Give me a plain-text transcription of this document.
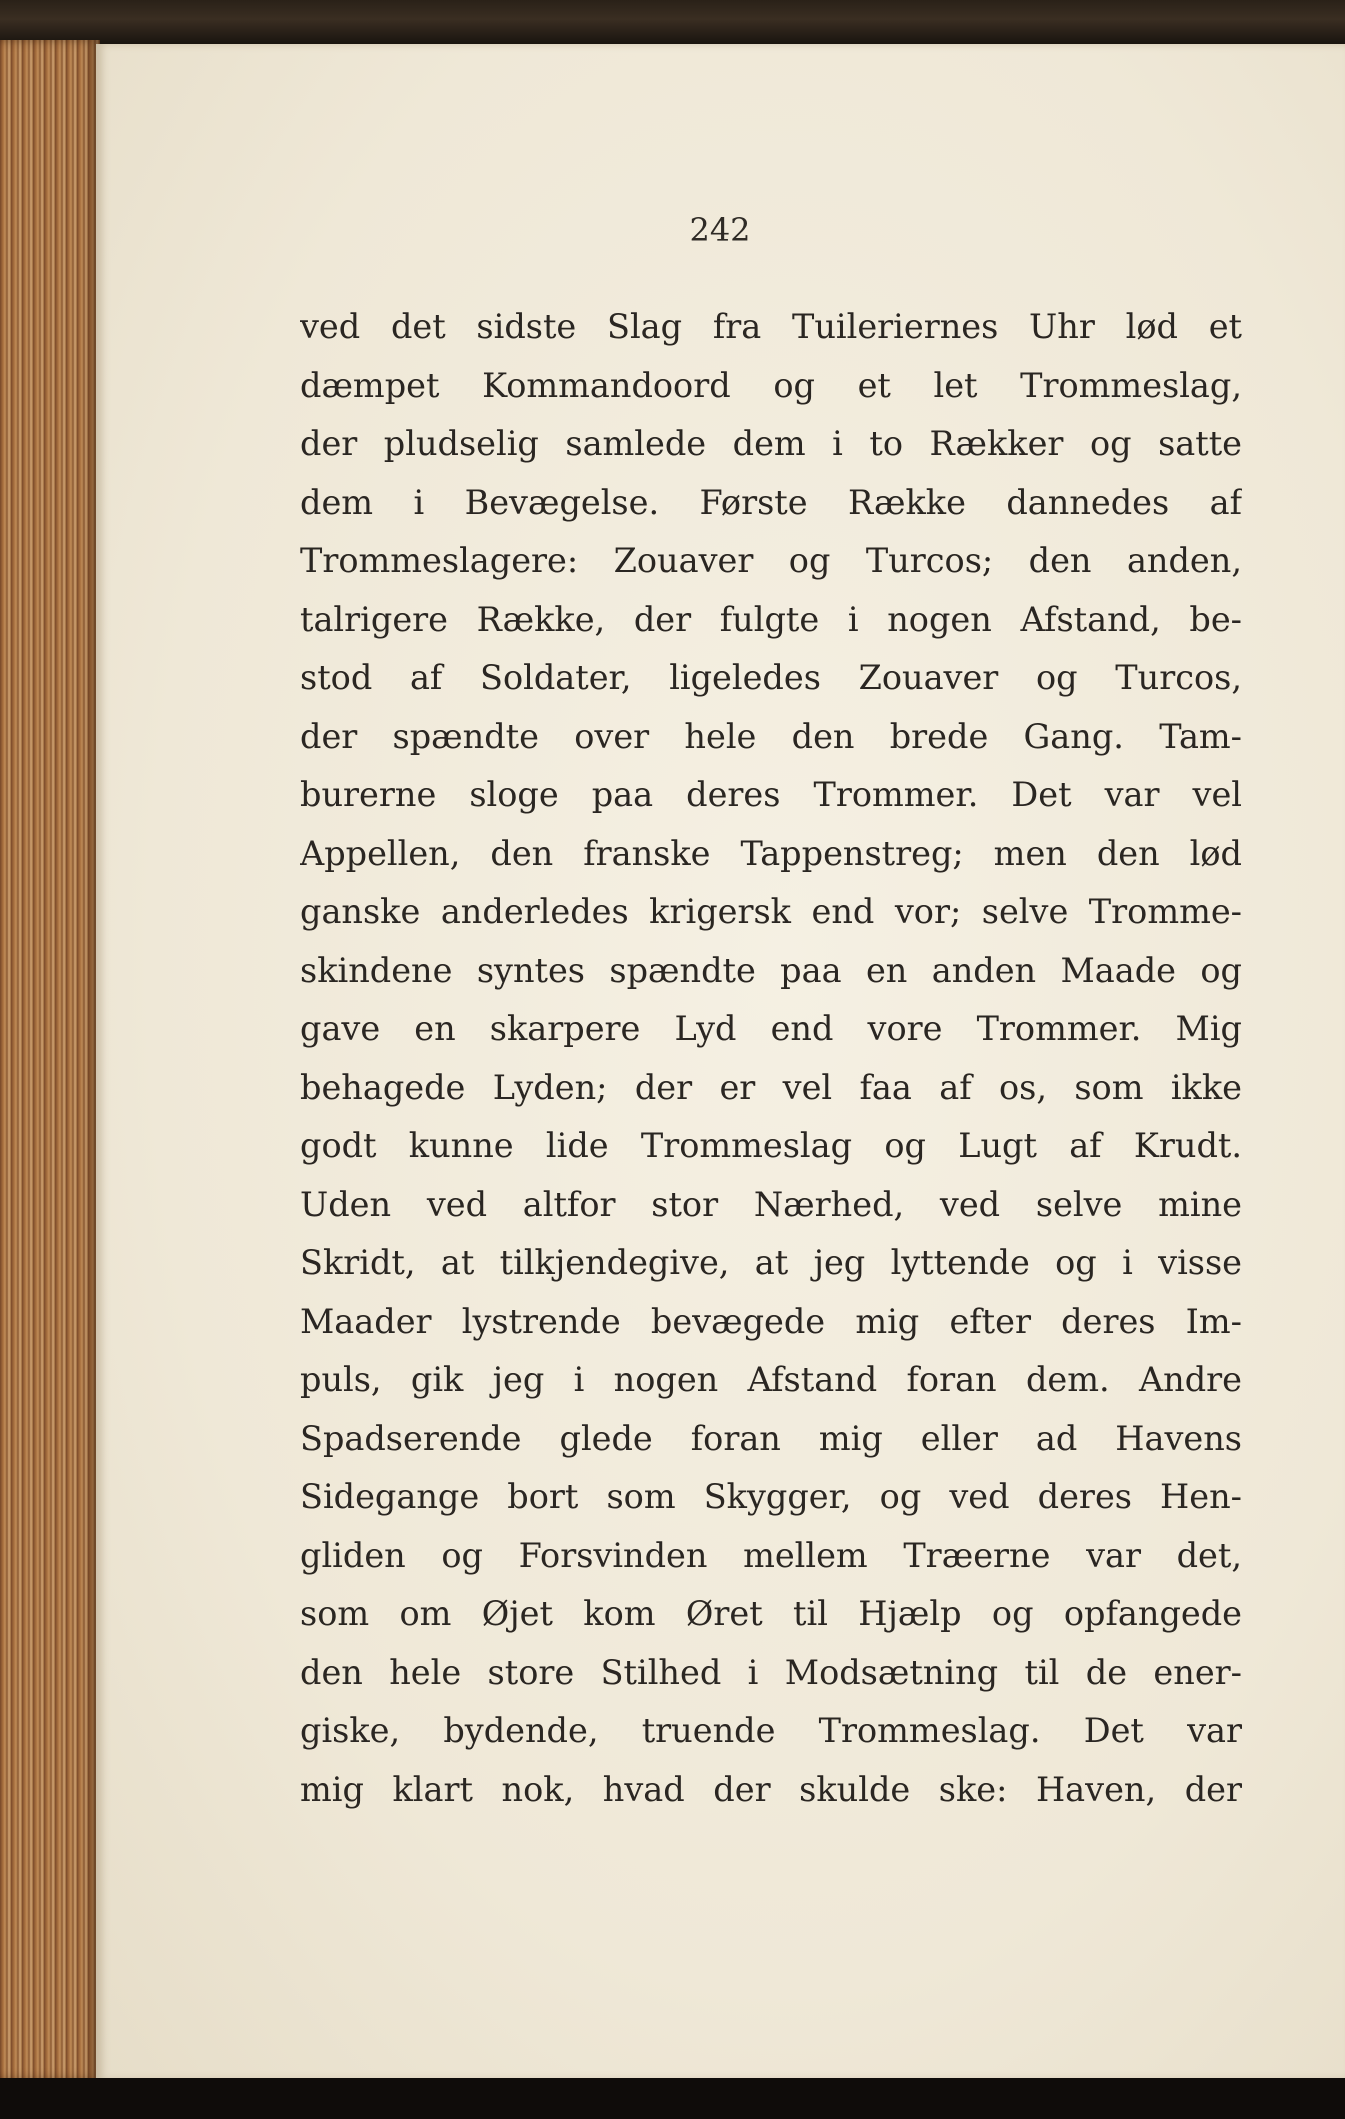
242
ved det sidste Slag fra Tuileriernes Uhr lød et
dæmpet Kommandoord og et let Trommeslag,
der pludselig samlede dem i to Rækker og satte
dem i Bevægelse. Første Række dannedes af
Trommeslagere: Zouaver og Turcos; den anden,
talrigere Række, der fulgte i nogen Afstand, be-
stod af Soldater, ligeledes Zouaver og Turcos,
der spændte over hele den brede Gang. Tam-
burerne sloge paa deres Trommer. Det var vel
Appellen, den franske Tappenstreg; men den lød
ganske anderledes krigersk end vor; selve Tromme-
skindene syntes spændte paa en anden Maade og
gave en skarpere Lyd end vore Trommer. Mig
behagede Lyden; der er vel faa af os, som ikke
godt kunne lide Trommeslag og Lugt af Krudt.
Uden ved altfor stor Nærhed, ved selve mine
Skridt, at tilkjendegive, at jeg lyttende og i visse
Maader lystrende bevægede mig efter deres Im-
puls, gik jeg i nogen Afstand foran dem. Andre
Spadserende glede foran mig eller ad Havens
Sidegange bort som Skygger, og ved deres Hen-
gliden og Forsvinden mellem Træerne var det,
som om Øjet kom Øret til Hjælp og opfangede
den hele store Stilhed i Modsætning til de ener-
giske, bydende, truende Trommeslag. Det var
mig klart nok, hvad der skulde ske: Haven, der
